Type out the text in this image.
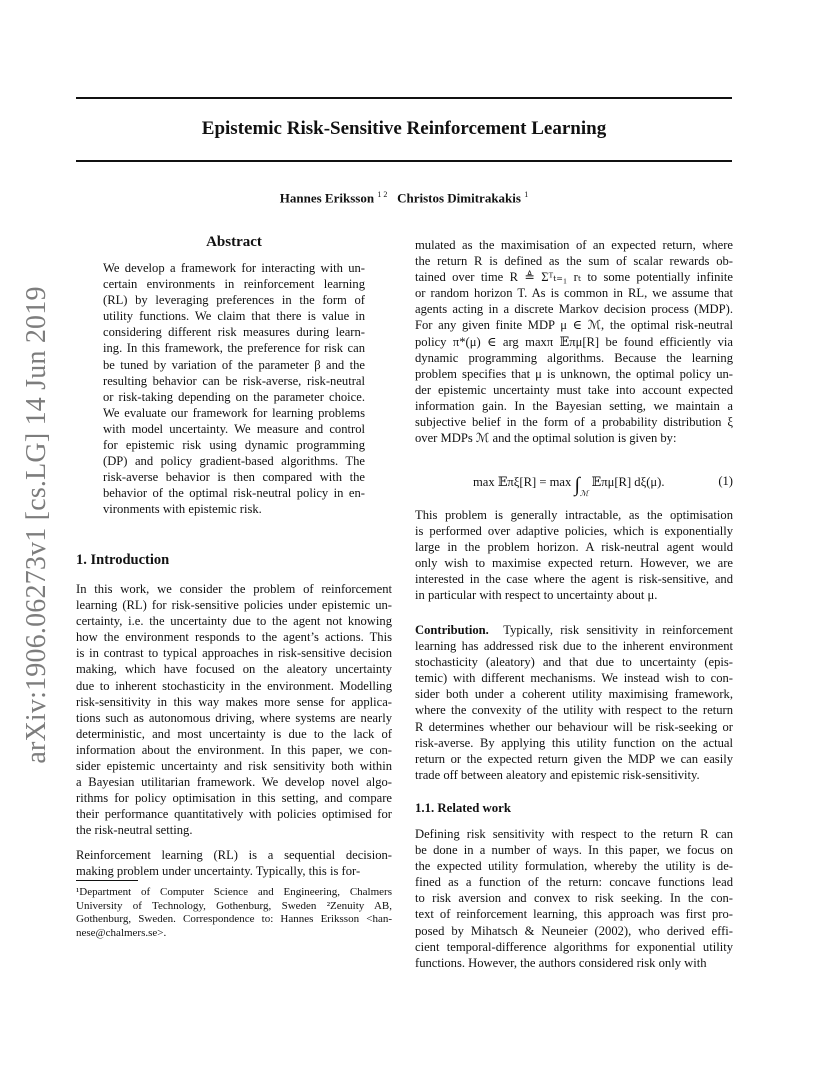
Epistemic Risk-Sensitive Reinforcement Learning
Hannes Eriksson $^{1 2}$ Christos Dimitrakakis $^1$
arXiv:1906.06273v1 [cs.LG] 14 Jun 2019
Abstract
We develop a framework for interacting with un-
certain environments in reinforcement learning
(RL) by leveraging preferences in the form of
utility functions. We claim that there is value in
considering different risk measures during learn-
ing. In this framework, the preference for risk can
be tuned by variation of the parameter β and the
resulting behavior can be risk-averse, risk-neutral
or risk-taking depending on the parameter choice.
We evaluate our framework for learning problems
with model uncertainty. We measure and control
for epistemic risk using dynamic programming
(DP) and policy gradient-based algorithms. The
risk-averse behavior is then compared with the
behavior of the optimal risk-neutral policy in en-
vironments with epistemic risk.
1. Introduction
In this work, we consider the problem of reinforcement
learning (RL) for risk-sensitive policies under epistemic un-
certainty, i.e. the uncertainty due to the agent not knowing
how the environment responds to the agent’s actions. This
is in contrast to typical approaches in risk-sensitive decision
making, which have focused on the aleatory uncertainty
due to inherent stochasticity in the environment. Modelling
risk-sensitivity in this way makes more sense for applica-
tions such as autonomous driving, where systems are nearly
deterministic, and most uncertainty is due to the lack of
information about the environment. In this paper, we con-
sider epistemic uncertainty and risk sensitivity both within
a Bayesian utilitarian framework. We develop novel algo-
rithms for policy optimisation in this setting, and compare
their performance quantitatively with policies optimised for
the risk-neutral setting.
Reinforcement learning (RL) is a sequential decision-
making problem under uncertainty. Typically, this is for-
¹Department of Computer Science and Engineering, Chalmers
University of Technology, Gothenburg, Sweden ²Zenuity AB,
Gothenburg, Sweden. Correspondence to: Hannes Eriksson <han-
nese@chalmers.se>.
mulated as the maximisation of an expected return, where
the return R is defined as the sum of scalar rewards ob-
tained over time R ≜ Σᵀₜ₌₁ rₜ to some potentially infinite
or random horizon T. As is common in RL, we assume that
agents acting in a discrete Markov decision process (MDP).
For any given finite MDP μ ∈ ℳ, the optimal risk-neutral
policy π*(μ) ∈ arg maxπ 𝔼πμ[R] be found efficiently via
dynamic programming algorithms. Because the learning
problem specifies that μ is unknown, the optimal policy un-
der epistemic uncertainty must take into account expected
information gain. In the Bayesian setting, we maintain a
subjective belief in the form of a probability distribution ξ
over MDPs ℳ and the optimal solution is given by:
max 𝔼πξ[R] = $\max \int_ℳ$ 𝔼πμ[R] dξ(μ).	(1)
This problem is generally intractable, as the optimisation
is performed over adaptive policies, which is exponentially
large in the problem horizon. A risk-neutral agent would
only wish to maximise expected return. However, we are
interested in the case where the agent is risk-sensitive, and
in particular with respect to uncertainty about μ.
Contribution. Typically, risk sensitivity in reinforcement
learning has addressed risk due to the inherent environment
stochasticity (aleatory) and that due to uncertainty (epis-
temic) with different mechanisms. We instead wish to con-
sider both under a coherent utility maximising framework,
where the convexity of the utility with respect to the return
R determines whether our behaviour will be risk-seeking or
risk-averse. By applying this utility function on the actual
return or the expected return given the MDP we can easily
trade off between aleatory and epistemic risk-sensitivity.
1.1. Related work
Defining risk sensitivity with respect to the return R can
be done in a number of ways. In this paper, we focus on
the expected utility formulation, whereby the utility is de-
fined as a function of the return: concave functions lead
to risk aversion and convex to risk seeking. In the con-
text of reinforcement learning, this approach was first pro-
posed by Mihatsch & Neuneier (2002), who derived effi-
cient temporal-difference algorithms for exponential utility
functions. However, the authors considered risk only with
